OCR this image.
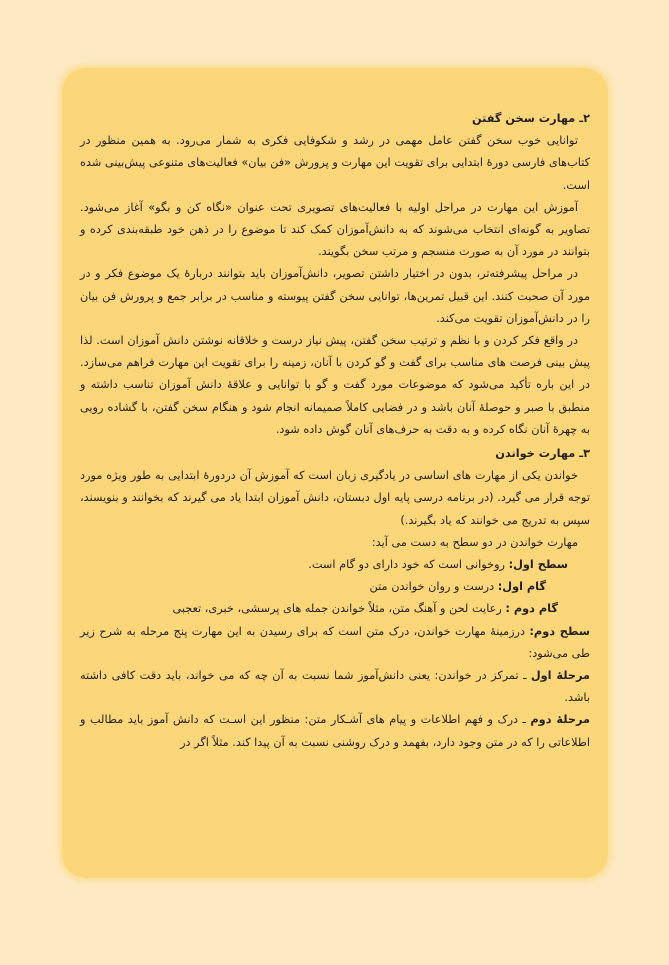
۲ـ مهارت سخن گفتن

توانایی خوب سخن گفتن عامل مهمی در رشد و شکوفایی فکری به شمار می‌رود. به همین منظور در کتاب‌های فارسی دورهٔ ابتدایی برای تقویت این مهارت و پرورش «فن بیان» فعالیت‌های متنوعی پیش‌بینی شده است.

آموزش این مهارت در مراحل اولیه با فعالیت‌های تصویری تحت عنوان «نگاه کن و بگو» آغاز می‌شود. تصاویر به گونه‌ای انتخاب می‌شوند که به دانش‌آموزان کمک کند تا موضوع را در ذهن خود طبقه‌بندی کرده و بتوانند در مورد آن به صورت منسجم و مرتب سخن بگویند.

در مراحل پیشرفته‌تر، بدون در اختیار داشتن تصویر، دانش‌آموزان باید بتوانند دربارهٔ یک موضوع فکر و در مورد آن صحبت کنند. این قبیل تمرین‌ها، توانایی سخن گفتن پیوسته و مناسب در برابر جمع و پرورش فن بیان را در دانش‌آموزان تقویت می‌کند.

در واقع فکر کردن و با نظم و ترتیب سخن گفتن، پیش نیاز درست و خلاقانه نوشتن دانش آموزان است. لذا پیش بینی فرصت های مناسب برای گفت و گو کردن با آنان، زمینه را برای تقویت این مهارت فراهم می‌سازد. در این باره تأکید می‌شود که موضوعات مورد گفت و گو با توانایی و علاقهٔ دانش آموزان تناسب داشته و منطبق با صبر و حوصلهٔ آنان باشد و در فضایی کاملاً صمیمانه انجام شود و هنگام سخن گفتن، با گشاده رویی به چهرهٔ آنان نگاه کرده و به دقت به حرف‌های آنان گوش داده شود.

۳ـ مهارت خواندن

خواندن یکی از مهارت های اساسی در یادگیری زبان است که آموزش آن دردورهٔ ابتدایی به طور ویژه مورد توجه قرار می گیرد. (در برنامه درسی پایه اول دبستان، دانش آموزان ابتدا یاد می گیرند که بخوانند و بنویسند، سپس به تدریج می خوانند که یاد بگیرند.)

مهارت خواندن در دو سطح به دست می آید:

سطح اول: روخوانی است که خود دارای دو گام است.

گام اول: درست و روان خواندن متن

گام دوم : رعایت لحن و آهنگ متن، مثلاً خواندن جمله های پرسشی، خبری، تعجبی

سطح دوم: درزمینهٔ مهارت خواندن، درک متن است که برای رسیدن به این مهارت پنج مرحله به شرح زیر طی می‌شود:

مرحلهٔ اول ـ تمرکز در خواندن: یعنی دانش‌آموز شما نسبت به آن چه که می خواند، باید دقت کافی داشته باشد.

مرحلهٔ دوم ـ درک و فهم اطلاعات و پیام های آشـکار متن: منظور این اسـت که دانش آموز باید مطالب و اطلاعاتی را که در متن وجود دارد، بفهمد و درک روشنی نسبت به آن پیدا کند. مثلاً اگر در
